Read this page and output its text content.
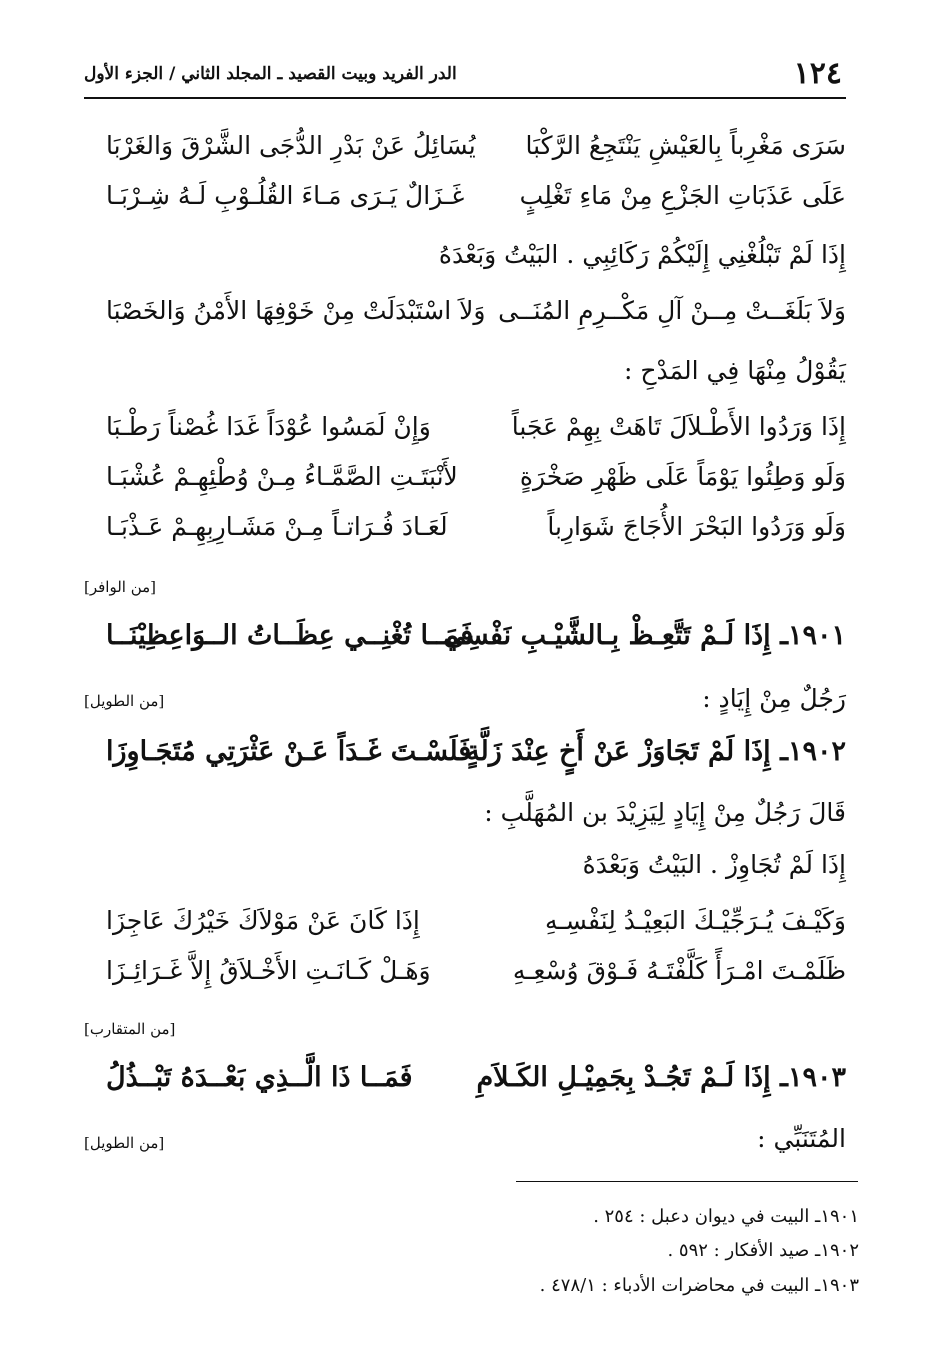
١٢٤
الدر الفريد وبيت القصيد ـ المجلد الثاني / الجزء الأول
سَرَى مَغْرِباً بِالعَيْشِ يَنْتَجِعُ الرَّكْبَا
يُسَائِلُ عَنْ بَدْرِ الدُّجَى الشَّرْقَ وَالغَرْبَا
عَلَى عَذَبَاتِ الجَزْعِ مِنْ مَاءِ تَغْلِبٍ
غَـزَالٌ يَـرَى مَـاءَ القُلُـوْبِ لَـهُ شِـرْبَـا
إِذَا لَمْ تَبْلُغْنِي إِلَيْكُمْ رَكَائِبِي . البَيْتُ وَبَعْدَهُ
وَلاَ بَلَغَــتْ مِــنْ آلِ مَكْــرِمِ المُنَــى
وَلاَ اسْتَبْدَلَتْ مِنْ خَوْفِهَا الأَمْنُ وَالخَصْبَا
يَقُوْلُ مِنْهَا فِي المَدْحِ :
إِذَا وَرَدُوا الأَطْـلاَلَ تَاهَتْ بِهِمْ عَجَباً
وَإِنْ لَمَسُوا عُوْدَاً غَدَا غُصْناً رَطْـبَا
وَلَو وَطِئُوا يَوْمَاً عَلَى ظَهْرِ صَخْرَةٍ
لأَنْبَتَـتِ الصَّمَّـاءُ مِـنْ وُطْئِهِـمْ عُشْبَـا
وَلَو وَرَدُوا البَحْرَ الأُجَاجَ شَوَارِباً
لَعَـادَ فُـرَاتـاً مِـنْ مَشَـارِبِهِـمْ عَـذْبَـا
[من الوافر]
١٩٠١ـ إِذَا لَـمْ تَتَّعِـظْ بِـالشَّيْـبِ نَفْسِي
فَمَــا تُغْنِــي عِظَــاتُ الــوَاعِظِيْنَــا
رَجُلٌ مِنْ إِيَادٍ :
[من الطويل]
١٩٠٢ـ إِذَا لَمْ تَجَاوَزْ عَنْ أَخٍ عِنْدَ زَلَّةٍ
فَلَسْـتَ غَـدَاً عَـنْ عَثْرَتِي مُتَجَـاوِزَا
قَالَ رَجُلٌ مِنْ إِيَادٍ لِيَزِيْدَ بن المُهَلَّبِ :
إِذَا لَمْ تُجَاوِزْ . البَيْتُ وَبَعْدَهُ
وَكَيْـفَ يُـرَجِّيْـكَ البَعِيْـدُ لِنَفْسِـهِ
إِذَا كَانَ عَنْ مَوْلاَكَ خَيْرُكَ عَاجِزَا
ظَلَمْـتَ امْـرَأً كَلَّفْتَـهُ فَـوْقَ وُسْعِـهِ
وَهَـلْ كَـانَـتِ الأَخْـلاَقُ إِلاَّ غَـرَائِـزَا
[من المتقارب]
١٩٠٣ـ إِذَا لَـمْ تَجُـدْ بِجَمِيْـلِ الكَـلاَمِ
فَمَــا ذَا الَّــذِي بَعْــدَهُ تَبْــذُلُ
المُتَنَبِّي :
[من الطويل]
١٩٠١ـ البيت في ديوان دعبل : ٢٥٤ .
١٩٠٢ـ صيد الأفكار : ٥٩٢ .
١٩٠٣ـ البيت في محاضرات الأدباء : ٤٧٨/١ .
